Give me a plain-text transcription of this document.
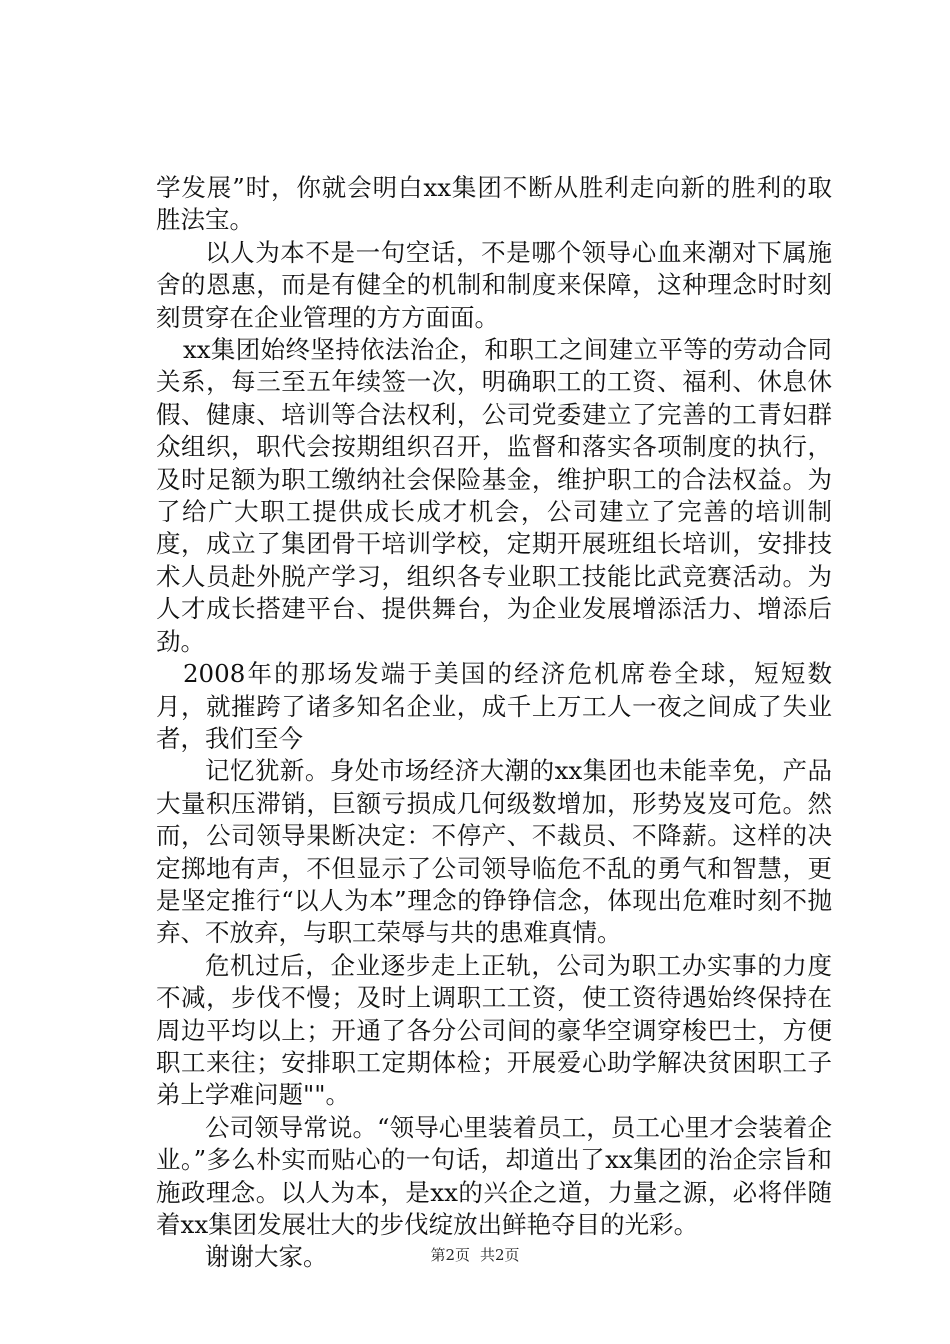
学发展”时，你就会明白xx集团不断从胜利走向新的胜利的取胜法宝。

以人为本不是一句空话，不是哪个领导心血来潮对下属施舍的恩惠，而是有健全的机制和制度来保障，这种理念时时刻刻贯穿在企业管理的方方面面。

xx集团始终坚持依法治企，和职工之间建立平等的劳动合同关系，每三至五年续签一次，明确职工的工资、福利、休息休假、健康、培训等合法权利，公司党委建立了完善的工青妇群众组织，职代会按期组织召开，监督和落实各项制度的执行，及时足额为职工缴纳社会保险基金，维护职工的合法权益。为了给广大职工提供成长成才机会，公司建立了完善的培训制度，成立了集团骨干培训学校，定期开展班组长培训，安排技术人员赴外脱产学习，组织各专业职工技能比武竞赛活动。为人才成长搭建平台、提供舞台，为企业发展增添活力、增添后劲。

2008年的那场发端于美国的经济危机席卷全球，短短数月，就摧跨了诸多知名企业，成千上万工人一夜之间成了失业者，我们至今

记忆犹新。身处市场经济大潮的xx集团也未能幸免，产品大量积压滞销，巨额亏损成几何级数增加，形势岌岌可危。然而，公司领导果断决定：不停产、不裁员、不降薪。这样的决定掷地有声，不但显示了公司领导临危不乱的勇气和智慧，更是坚定推行“以人为本”理念的铮铮信念，体现出危难时刻不抛弃、不放弃，与职工荣辱与共的患难真情。

危机过后，企业逐步走上正轨，公司为职工办实事的力度不减，步伐不慢；及时上调职工工资，使工资待遇始终保持在周边平均以上；开通了各分公司间的豪华空调穿梭巴士，方便职工来往；安排职工定期体检；开展爱心助学解决贫困职工子弟上学难问题""。

公司领导常说。“领导心里装着员工，员工心里才会装着企业。”多么朴实而贴心的一句话，却道出了xx集团的治企宗旨和施政理念。以人为本，是xx的兴企之道，力量之源，必将伴随着xx集团发展壮大的步伐绽放出鲜艳夺目的光彩。

谢谢大家。	第2页 共2页
